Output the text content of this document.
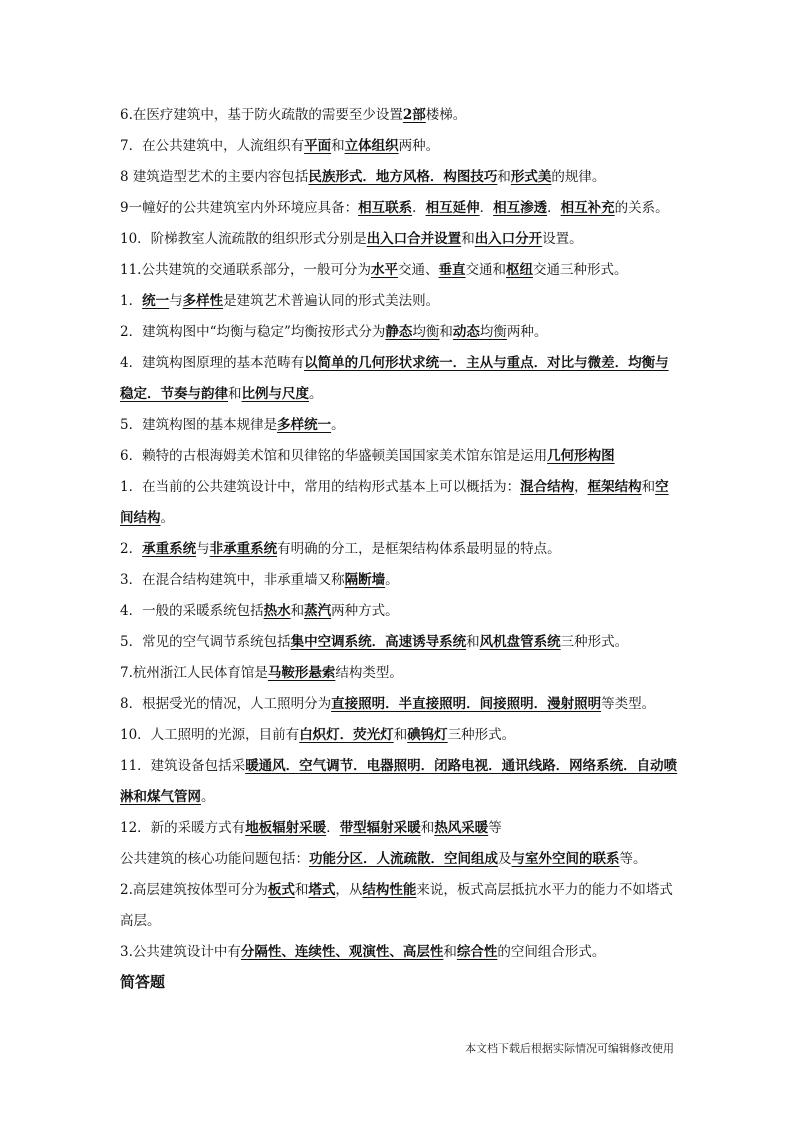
6.在医疗建筑中，基于防火疏散的需要至少设置2部楼梯。
7．在公共建筑中，人流组织有平面和立体组织两种。
8 建筑造型艺术的主要内容包括民族形式．地方风格．构图技巧和形式美的规律。
9一幢好的公共建筑室内外环境应具备：相互联系．相互延伸．相互渗透．相互补充的关系。
10．阶梯教室人流疏散的组织形式分别是出入口合并设置和出入口分开设置。
11.公共建筑的交通联系部分，一般可分为水平交通、垂直交通和枢纽交通三种形式。
1．统一与多样性是建筑艺术普遍认同的形式美法则。
2．建筑构图中“均衡与稳定”均衡按形式分为静态均衡和动态均衡两种。
4．建筑构图原理的基本范畴有以简单的几何形状求统一．主从与重点．对比与微差．均衡与稳定．节奏与韵律和比例与尺度。
5．建筑构图的基本规律是多样统一。
6．赖特的古根海姆美术馆和贝律铭的华盛顿美国国家美术馆东馆是运用几何形构图
1．在当前的公共建筑设计中，常用的结构形式基本上可以概括为：混合结构，框架结构和空间结构。
2．承重系统与非承重系统有明确的分工，是框架结构体系最明显的特点。
3．在混合结构建筑中，非承重墙又称隔断墙。
4．一般的采暖系统包括热水和蒸汽两种方式。
5．常见的空气调节系统包括集中空调系统．高速诱导系统和风机盘管系统三种形式。
7.杭州浙江人民体育馆是马鞍形悬索结构类型。
8．根据受光的情况，人工照明分为直接照明．半直接照明．间接照明．漫射照明等类型。
10．人工照明的光源，目前有白炽灯．荧光灯和碘钨灯三种形式。
11．建筑设备包括采暖通风．空气调节．电器照明．闭路电视．通讯线路．网络系统．自动喷淋和煤气管网。
12．新的采暖方式有地板辐射采暖．带型辐射采暖和热风采暖等
公共建筑的核心功能问题包括：功能分区．人流疏散．空间组成及与室外空间的联系等。
2.高层建筑按体型可分为板式和塔式，从结构性能来说，板式高层抵抗水平力的能力不如塔式高层。
3.公共建筑设计中有分隔性、连续性、观演性、高层性和综合性的空间组合形式。
简答题
本文档下载后根据实际情况可编辑修改使用
